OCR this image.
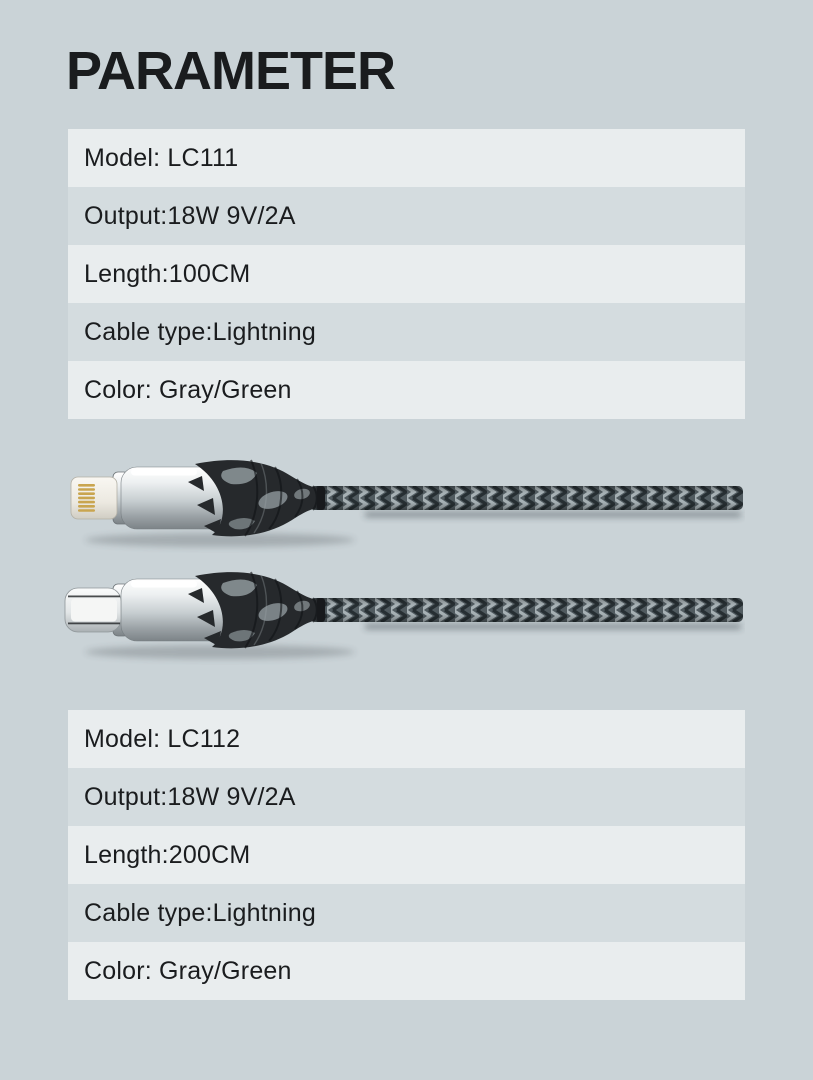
PARAMETER
Model: LC111
Output:18W 9V/2A
Length:100CM
Cable type:Lightning
Color: Gray/Green
Model: LC112
Output:18W 9V/2A
Length:200CM
Cable type:Lightning
Color: Gray/Green
